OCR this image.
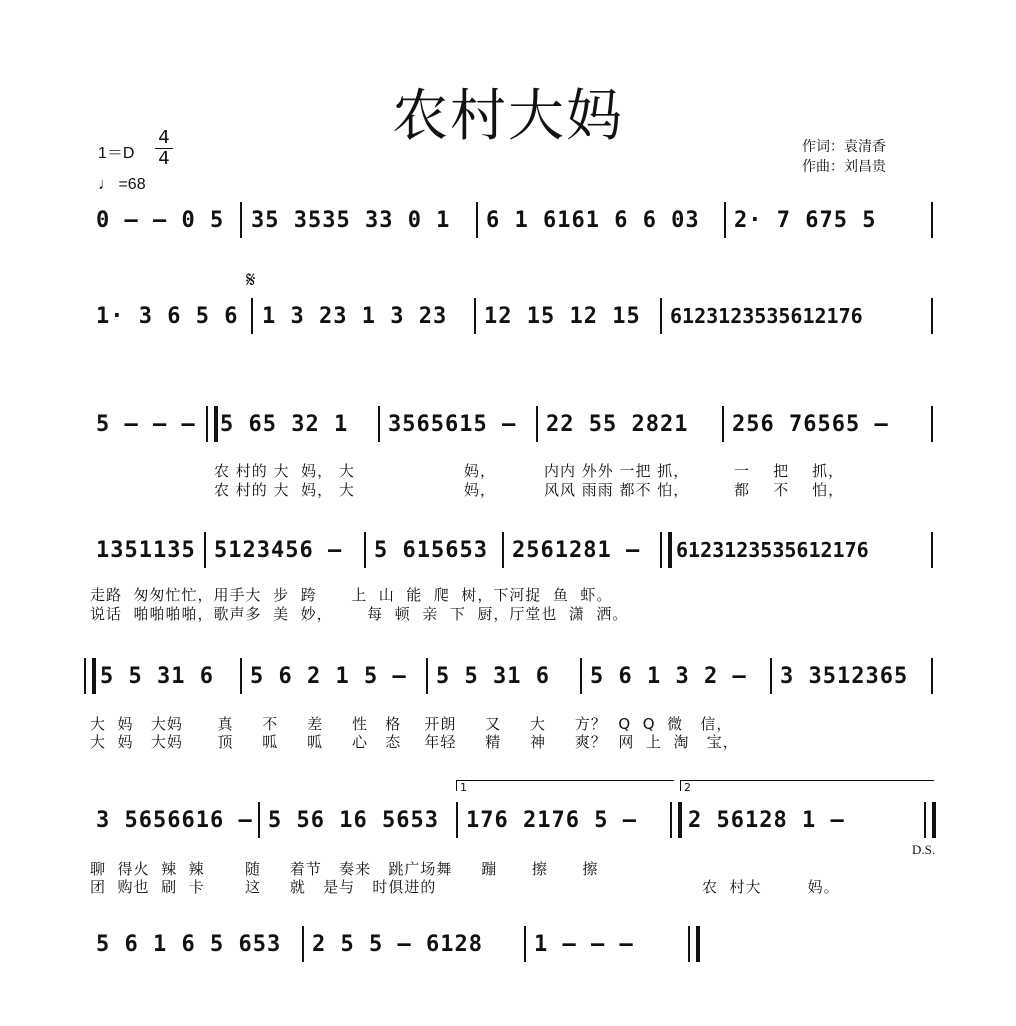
农村大妈
1＝D
4
4
♩ =68
作词：袁清香
作曲：刘昌贵
0 – – 0 5	35 3535 33 0 1	6 1 6161 6 6 03	2· 7 675 5
𝄋
1· 3 6 5 6	1 3 23 1 3 23	12 15 12 15	6123123535612176
5 – – –	5 65 32 1	3565615 –	22 55 2821	256 76565 –
农 村的 大  妈， 大	妈，	内内 外外 一把 抓，	一    把    抓，
农 村的 大  妈， 大	妈，	风风 雨雨 都不 怕，	都    不    怕，
1351135 5123456 –	5 615653	2561281 –	6123123535612176
走路  匆匆忙忙，用手大  步  跨      上  山  能  爬  树，下河捉  鱼  虾。
说话  啪啪啪啪，歌声多  美  妙，      每  顿  亲  下  厨，厅堂也  潇  洒。
5 5 31 6	5 6 2 1 5 –	5 5 31 6	5 6 1 3 2 –	3 3512365
大  妈   大妈      真     不     差     性   格    开朗     又     大     方？  Q  Q  微   信，
大  妈   大妈      顶     呱     呱     心   态    年轻     精     神     爽？  网  上  淘   宝，
1	2
3 5656616 – 5 56 16 5653	176 2176 5 –	2 56128 1 –
D.S.
聊  得火  辣  辣       随     着节   奏来   跳广场舞     蹦      擦      擦
团  购也  刷  卡       这     就   是与   时俱进的	农  村大        妈。
5 6 1 6 5 653	2 5 5 – 6128	1 – – –
